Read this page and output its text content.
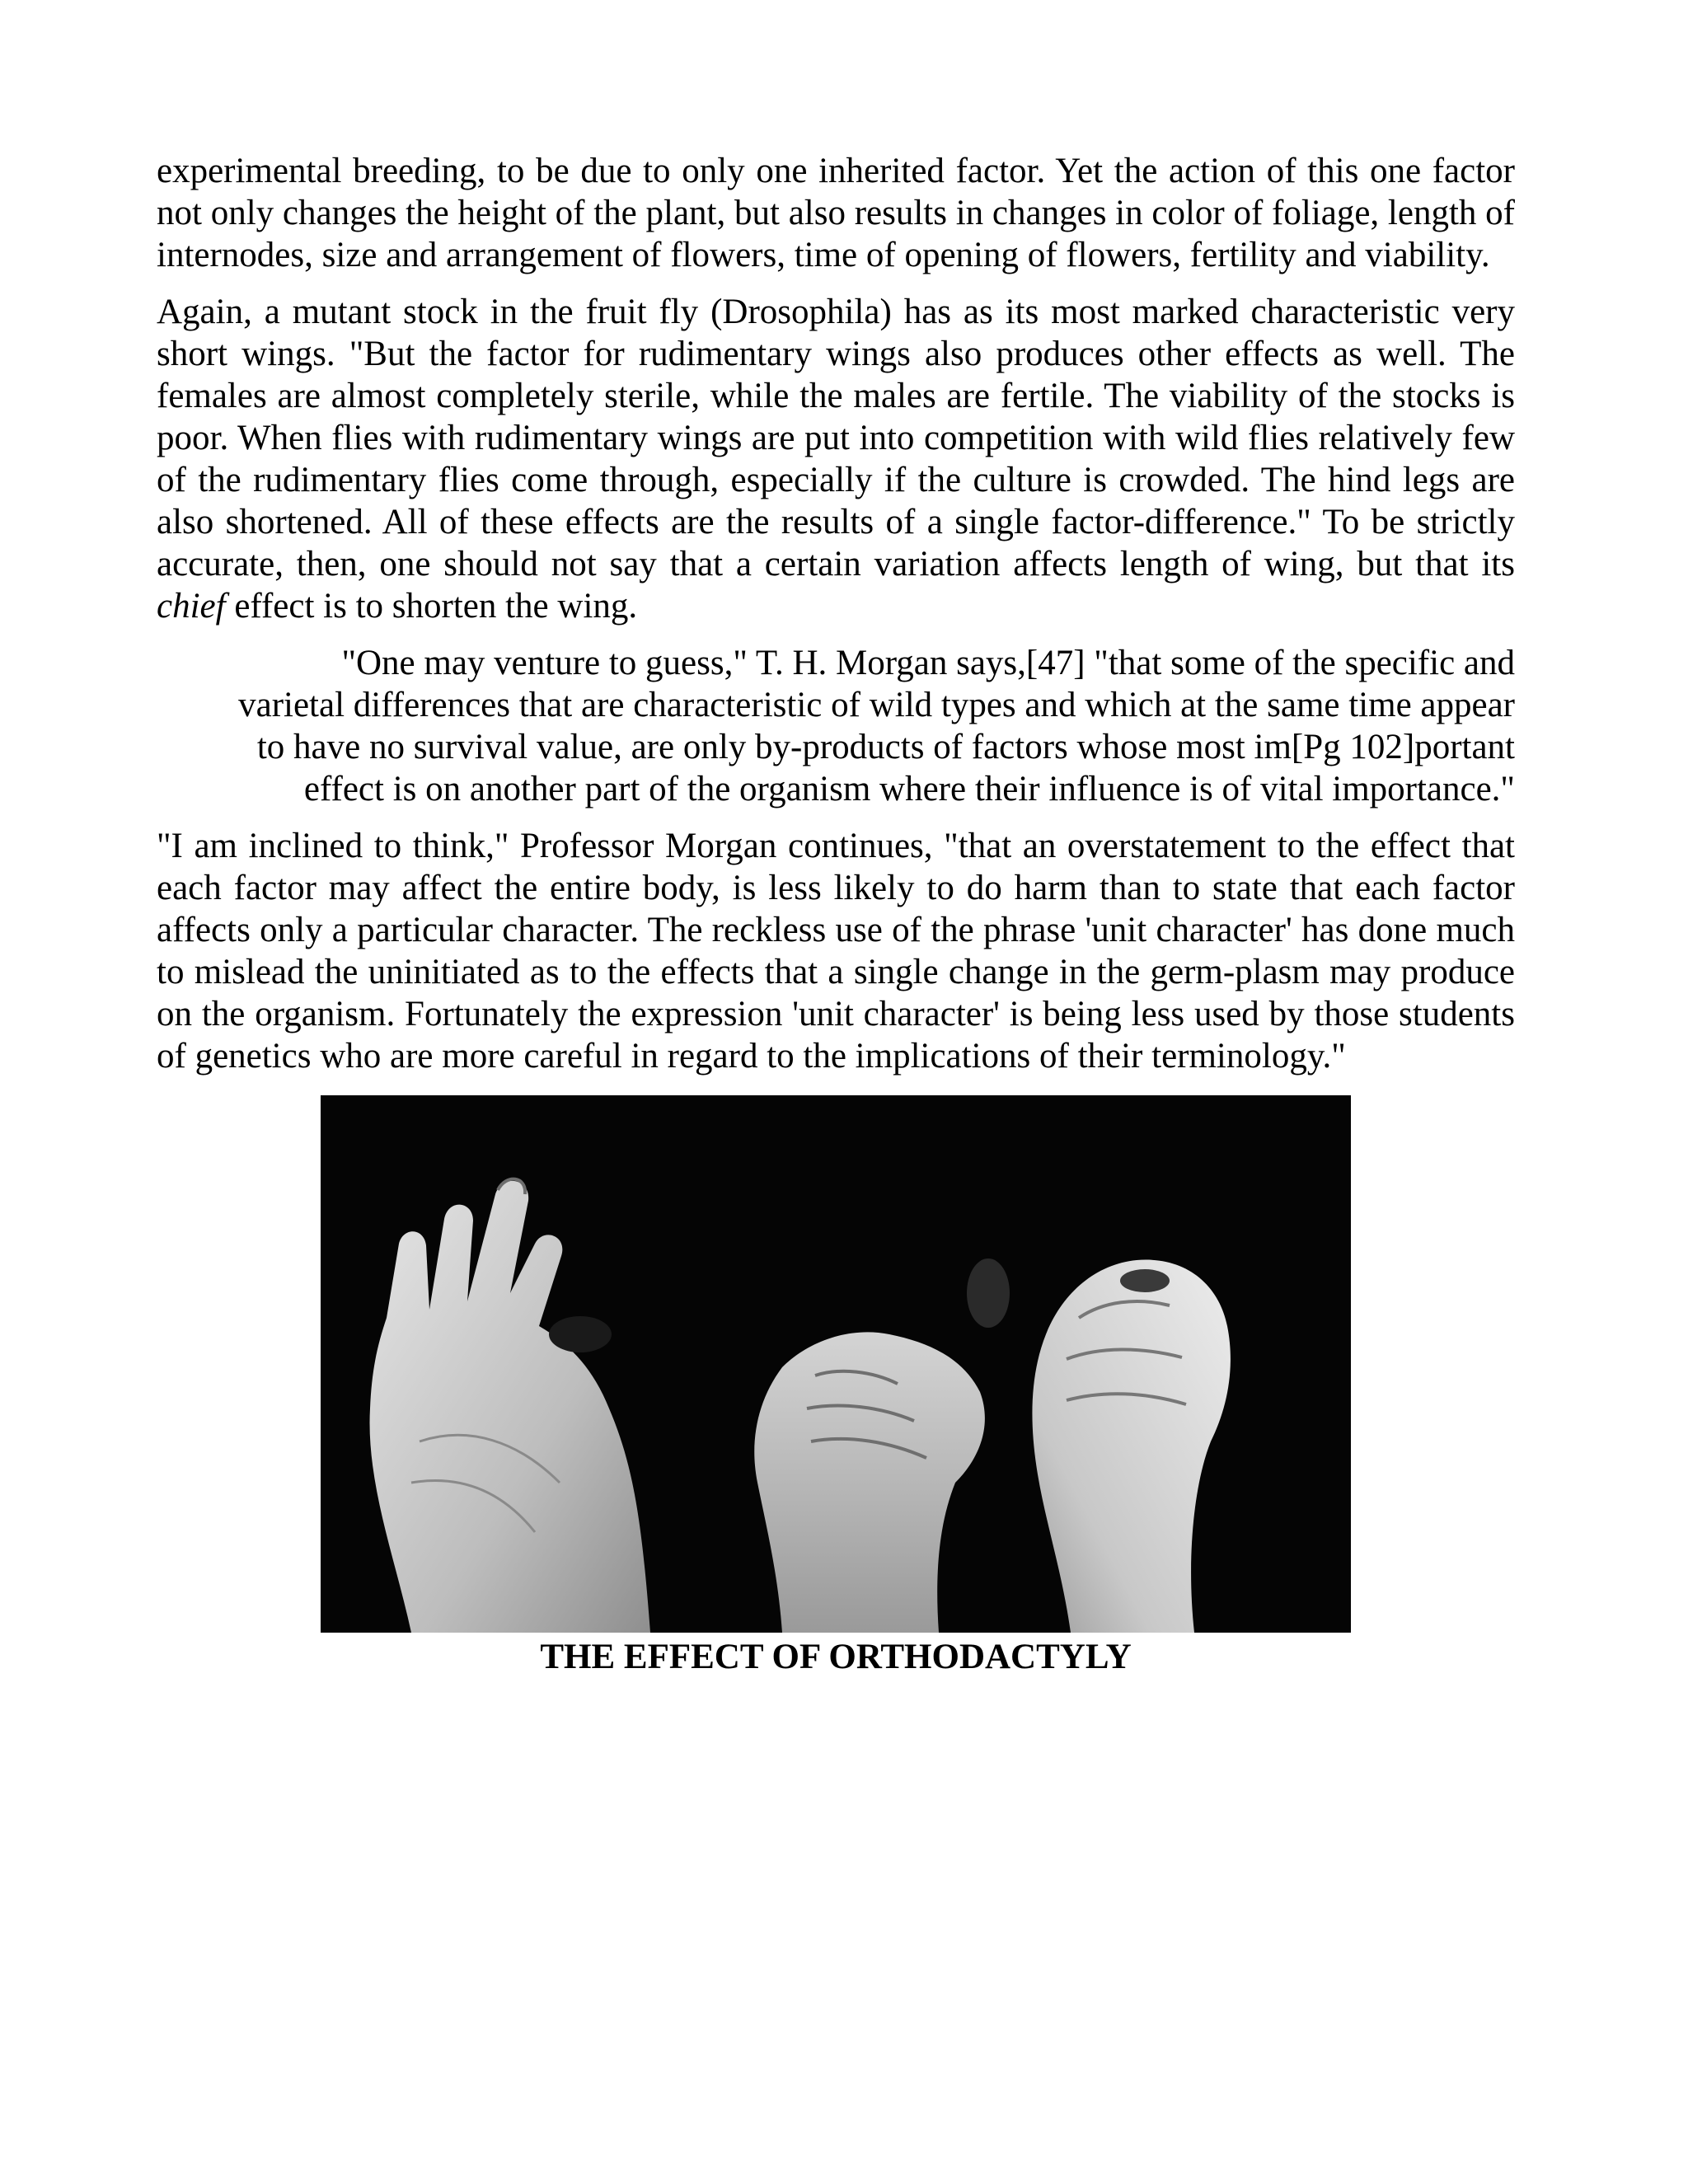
experimental breeding, to be due to only one inherited factor. Yet the action of this one factor not only changes the height of the plant, but also results in changes in color of foliage, length of internodes, size and arrangement of flowers, time of opening of flowers, fertility and viability.

Again, a mutant stock in the fruit fly (Drosophila) has as its most marked characteristic very short wings. "But the factor for rudimentary wings also produces other effects as well. The females are almost completely sterile, while the males are fertile. The viability of the stocks is poor. When flies with rudimentary wings are put into competition with wild flies relatively few of the rudimentary flies come through, especially if the culture is crowded. The hind legs are also shortened. All of these effects are the results of a single factor-difference." To be strictly accurate, then, one should not say that a certain variation affects length of wing, but that its chief effect is to shorten the wing.

"One may venture to guess," T. H. Morgan says,[47] "that some of the specific and varietal differences that are characteristic of wild types and which at the same time appear to have no survival value, are only by-products of factors whose most im[Pg 102]portant effect is on another part of the organism where their influence is of vital importance."

"I am inclined to think," Professor Morgan continues, "that an overstatement to the effect that each factor may affect the entire body, is less likely to do harm than to state that each factor affects only a particular character. The reckless use of the phrase 'unit character' has done much to mislead the uninitiated as to the effects that a single change in the germ-plasm may produce on the organism. Fortunately the expression 'unit character' is being less used by those students of genetics who are more careful in regard to the implications of their terminology."

THE EFFECT OF ORTHODACTYLY
